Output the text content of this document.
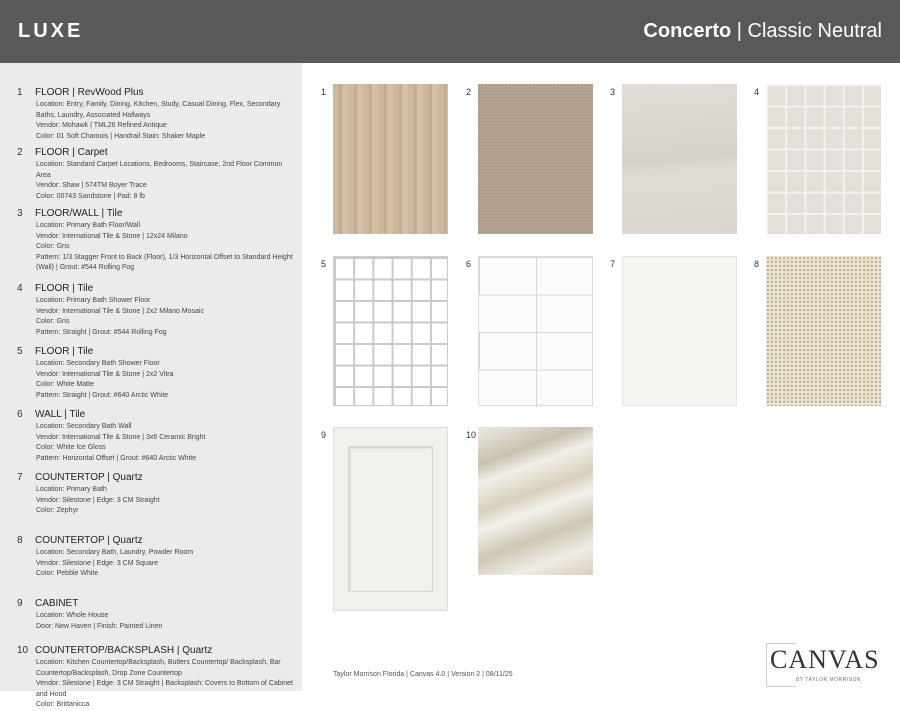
LUXE	Concerto | Classic Neutral
1 FLOOR | RevWood Plus
Location: Entry, Family, Dining, Kitchen, Study, Casual Dining, Flex, Secondary Baths, Laundry, Associated Hallways
Vendor: Mohawk | TML26 Refined Antique
Color: 01 Soft Chamois | Handrail Stain: Shaker Maple
2 FLOOR | Carpet
Location: Standard Carpet Locations, Bedrooms, Staircase, 2nd Floor Common Area
Vendor: Shaw | 574TM Boyer Trace
Color: 00743 Sandstone | Pad: 8 lb
3 FLOOR/WALL | Tile
Location: Primary Bath Floor/Wall
Vendor: International Tile & Stone | 12x24 Milano
Color: Gris
Pattern: 1/3 Stagger Front to Back (Floor), 1/3 Horizontal Offset to Standard Height (Wall) | Grout: #544 Rolling Fog
4 FLOOR | Tile
Location: Primary Bath Shower Floor
Vendor: International Tile & Stone | 2x2 Milano Mosaic
Color: Gris
Pattern: Straight | Grout: #544 Rolling Fog
5 FLOOR | Tile
Location: Secondary Bath Shower Floor
Vendor: International Tile & Stone | 2x2 Vitra
Color: White Matte
Pattern: Straight | Grout: #640 Arctic White
6 WALL | Tile
Location: Secondary Bath Wall
Vendor: International Tile & Stone | 3x6 Ceramic Bright
Color: White Ice Gloss
Pattern: Horizontal Offset | Grout: #640 Arctic White
7 COUNTERTOP | Quartz
Location: Primary Bath
Vendor: Silestone | Edge: 3 CM Straight
Color: Zephyr
8 COUNTERTOP | Quartz
Location: Secondary Bath, Laundry, Powder Room
Vendor: Silestone | Edge: 3 CM Square
Color: Pebble White
9 CABINET
Location: Whole House
Door: New Haven | Finish: Painted Linen
10 COUNTERTOP/BACKSPLASH | Quartz
Location: Kitchen Countertop/Backsplash, Butlers Countertop/ Backsplash, Bar Countertop/Backsplash, Drop Zone Countertop
Vendor: Silestone | Edge: 3 CM Straight | Backsplash: Covers to Bottom of Cabinet and Hood
Color: Brittanicca
1	2	3	4
5	6	7	8
9	10
Taylor Morrison Florida | Canvas 4.0 | Version 2 | 08/11/25
CANVAS
BY TAYLOR MORRISON
